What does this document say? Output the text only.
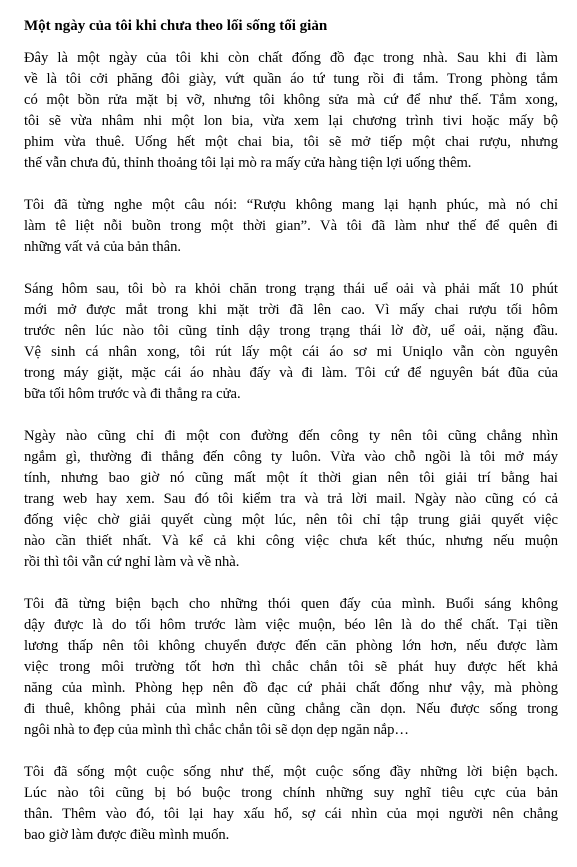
Một ngày của tôi khi chưa theo lối sống tối giản
Đây là một ngày của tôi khi còn chất đống đồ đạc trong nhà. Sau khi đi làm
về là tôi cởi phăng đôi giày, vứt quần áo tứ tung rồi đi tắm. Trong phòng tắm
có một bồn rửa mặt bị vỡ, nhưng tôi không sửa mà cứ để như thế. Tắm xong,
tôi sẽ vừa nhâm nhi một lon bia, vừa xem lại chương trình tivi hoặc mấy bộ
phim vừa thuê. Uống hết một chai bia, tôi sẽ mở tiếp một chai rượu, nhưng
thế vẫn chưa đủ, thỉnh thoảng tôi lại mò ra mấy cửa hàng tiện lợi uống thêm.
Tôi đã từng nghe một câu nói: “Rượu không mang lại hạnh phúc, mà nó chỉ
làm tê liệt nỗi buồn trong một thời gian”. Và tôi đã làm như thế để quên đi
những vất vả của bản thân.
Sáng hôm sau, tôi bò ra khỏi chăn trong trạng thái uể oải và phải mất 10 phút
mới mở được mắt trong khi mặt trời đã lên cao. Vì mấy chai rượu tối hôm
trước nên lúc nào tôi cũng tỉnh dậy trong trạng thái lờ đờ, uể oải, nặng đầu.
Vệ sinh cá nhân xong, tôi rút lấy một cái áo sơ mi Uniqlo vẫn còn nguyên
trong máy giặt, mặc cái áo nhàu đấy và đi làm. Tôi cứ để nguyên bát đũa của
bữa tối hôm trước và đi thẳng ra cửa.
Ngày nào cũng chỉ đi một con đường đến công ty nên tôi cũng chẳng nhìn
ngắm gì, thường đi thẳng đến công ty luôn. Vừa vào chỗ ngồi là tôi mở máy
tính, nhưng bao giờ nó cũng mất một ít thời gian nên tôi giải trí bằng hai
trang web hay xem. Sau đó tôi kiểm tra và trả lời mail. Ngày nào cũng có cả
đống việc chờ giải quyết cùng một lúc, nên tôi chỉ tập trung giải quyết việc
nào cần thiết nhất. Và kể cả khi công việc chưa kết thúc, nhưng nếu muộn
rồi thì tôi vẫn cứ nghỉ làm và về nhà.
Tôi đã từng biện bạch cho những thói quen đấy của mình. Buổi sáng không
dậy được là do tối hôm trước làm việc muộn, béo lên là do thể chất. Tại tiền
lương thấp nên tôi không chuyển được đến căn phòng lớn hơn, nếu được làm
việc trong môi trường tốt hơn thì chắc chắn tôi sẽ phát huy được hết khả
năng của mình. Phòng hẹp nên đồ đạc cứ phải chất đống như vậy, mà phòng
đi thuê, không phải của mình nên cũng chẳng cần dọn. Nếu được sống trong
ngôi nhà to đẹp của mình thì chắc chắn tôi sẽ dọn dẹp ngăn nắp…
Tôi đã sống một cuộc sống như thế, một cuộc sống đầy những lời biện bạch.
Lúc nào tôi cũng bị bó buộc trong chính những suy nghĩ tiêu cực của bản
thân. Thêm vào đó, tôi lại hay xấu hổ, sợ cái nhìn của mọi người nên chẳng
bao giờ làm được điều mình muốn.
